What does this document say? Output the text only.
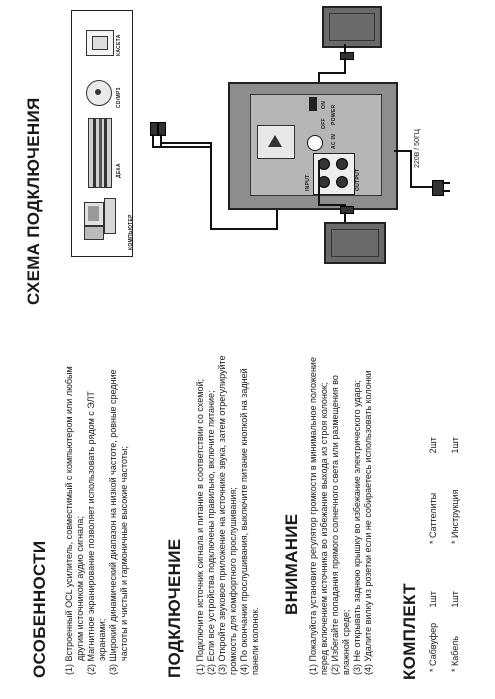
ОСОБЕННОСТИ (1) Встроенный OCL усилитель, совместимый с компьютером или любым другим источником аудио сигнала; (2) Магнитное экранирование позволяет использовать рядом с ЭЛТ экранами; (3) Широкий динамический диапазон на низкой частоте, ровные средние частоты и чистый и гармоничные высокие частоты; ПОДКЛЮЧЕНИЕ (1) Подключите источник сигнала и питание в соответствии со схемой; (2) Если все устройства подключены правильно, включите питание; (3) Откройте звуковое приложение на источнике звука, затем отрегулируйте громкость для комфортного прослушивания; (4) По окончании прослушивания, выключите питание кнопкой на задней панели колонок.
ВНИМАНИЕ (1) Пожалуйста установите регулятор громкости в минимальное положение перед включением источника во избежание выхода из строя колонок; (2) Избегайте попадания прямого солнечного света или размещения во влажной среде; (3) Не открывать заднюю крышку во избежание электрического удара; (4) Удалите вилку из розетки если не собираетесь использовать колонки КОМПЛЕКТ * Сабвуфер 1шт
* Саттелиты 2шт
* Кабель 1шт
* Инструкция 1шт
СХЕМА ПОДКЛЮЧЕНИЯ
КАСЕТА
CD/MP3
ДЕКА
КОМПЬЮТЕР
ON
OFF POWER
AC IN
INPUT	OUTPUT
220В / 50ГЦ
